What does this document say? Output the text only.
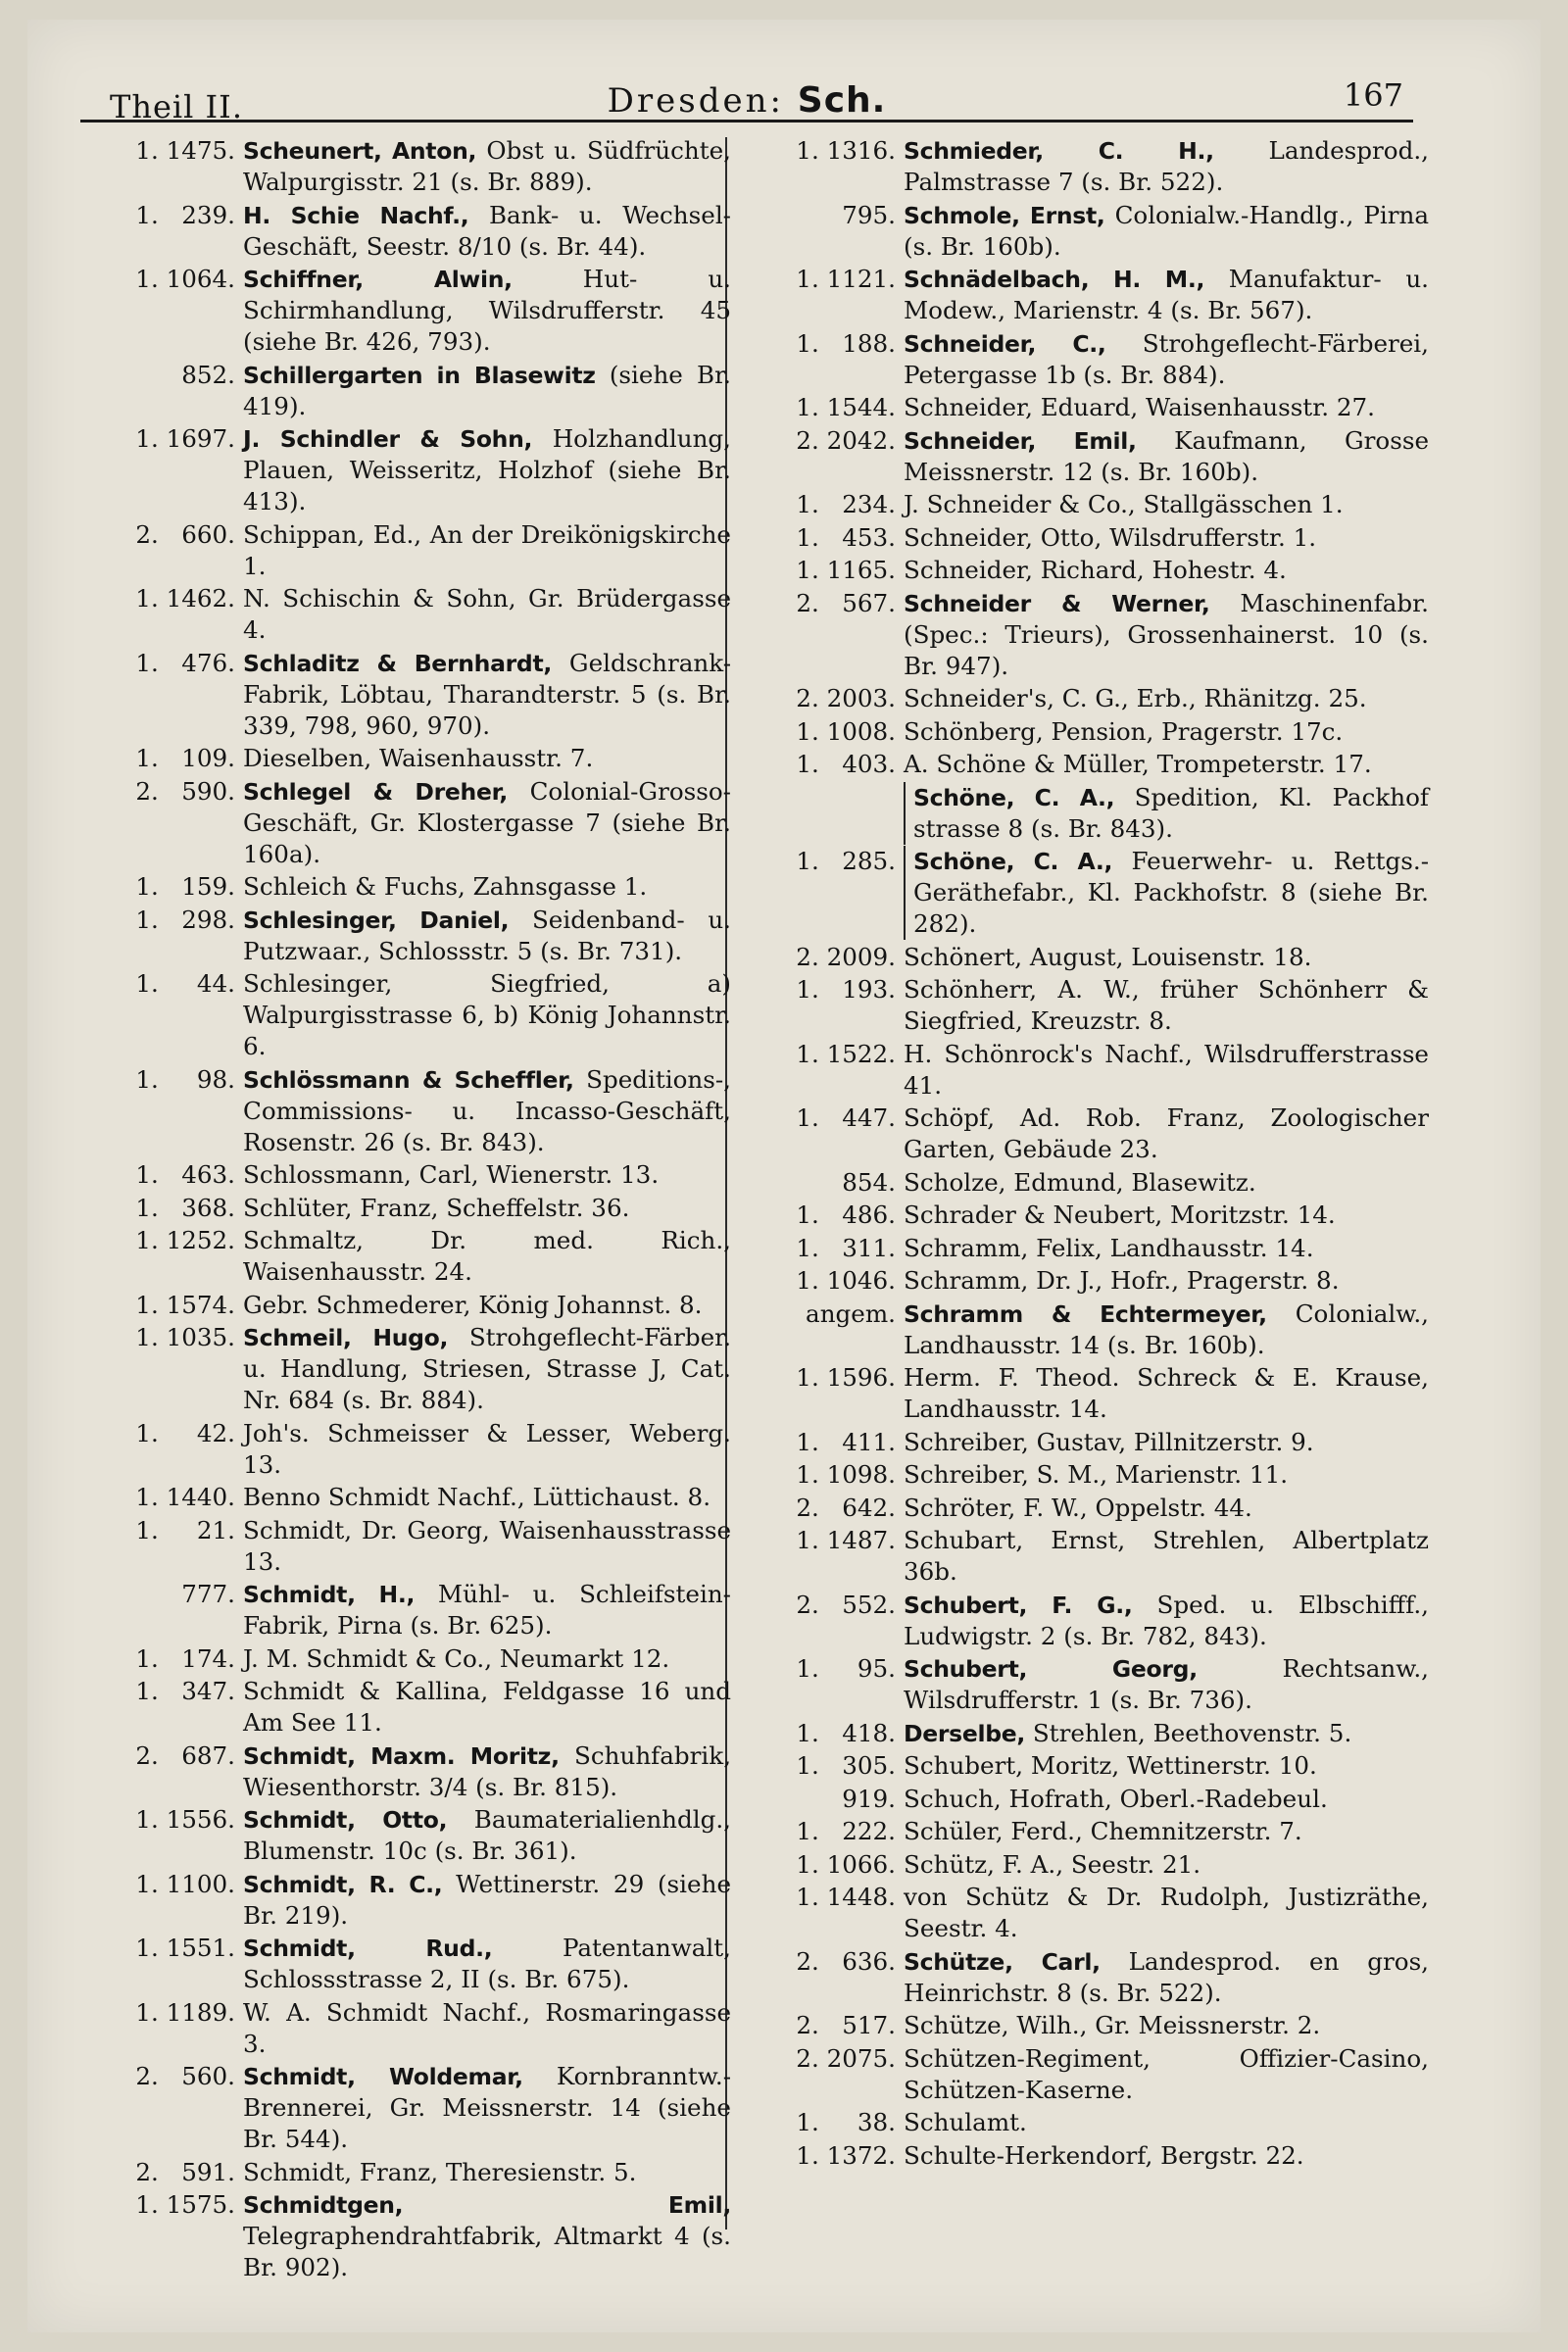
Theil II.	Dresden: Sch.	167
1. 1475. Scheunert, Anton, Obst u. Südfrüchte, Walpurgisstr. 21 (s. Br. 889).
1.   239. H. Schie Nachf., Bank- u. Wechsel-Geschäft, Seestr. 8/10 (s. Br. 44).
1. 1064. Schiffner, Alwin, Hut- u. Schirmhandlung, Wilsdrufferstr. 45 (siehe Br. 426, 793).
852. Schillergarten in Blasewitz (siehe Br. 419).
1. 1697. J. Schindler & Sohn, Holzhandlung, Plauen, Weisseritz, Holzhof (siehe Br. 413).
2.   660. Schippan, Ed., An der Dreikönigskirche 1.
1. 1462. N. Schischin & Sohn, Gr. Brüdergasse 4.
1.   476. Schladitz & Bernhardt, Geldschrank-Fabrik, Löbtau, Tharandterstr. 5 (s. Br. 339, 798, 960, 970).
1.   109. Dieselben, Waisenhausstr. 7.
2.   590. Schlegel & Dreher, Colonial-Grosso-Geschäft, Gr. Klostergasse 7 (siehe Br. 160a).
1.   159. Schleich & Fuchs, Zahnsgasse 1.
1.   298. Schlesinger, Daniel, Seidenband- u. Putzwaar., Schlossstr. 5 (s. Br. 731).
1.     44. Schlesinger, Siegfried, a) Walpurgisstrasse 6, b) König Johannstr. 6.
1.     98. Schlössmann & Scheffler, Speditions-, Commissions- u. Incasso-Geschäft, Rosenstr. 26 (s. Br. 843).
1.   463. Schlossmann, Carl, Wienerstr. 13.
1.   368. Schlüter, Franz, Scheffelstr. 36.
1. 1252. Schmaltz, Dr. med. Rich., Waisenhausstr. 24.
1. 1574. Gebr. Schmederer, König Johannst. 8.
1. 1035. Schmeil, Hugo, Strohgeflecht-Färber. u. Handlung, Striesen, Strasse J, Cat. Nr. 684 (s. Br. 884).
1.     42. Joh's. Schmeisser & Lesser, Weberg. 13.
1. 1440. Benno Schmidt Nachf., Lüttichaust. 8.
1.     21. Schmidt, Dr. Georg, Waisenhausstrasse 13.
777. Schmidt, H., Mühl- u. Schleifstein-Fabrik, Pirna (s. Br. 625).
1.   174. J. M. Schmidt & Co., Neumarkt 12.
1.   347. Schmidt & Kallina, Feldgasse 16 und Am See 11.
2.   687. Schmidt, Maxm. Moritz, Schuhfabrik, Wiesenthorstr. 3/4 (s. Br. 815).
1. 1556. Schmidt, Otto, Baumaterialienhdlg., Blumenstr. 10c (s. Br. 361).
1. 1100. Schmidt, R. C., Wettinerstr. 29 (siehe Br. 219).
1. 1551. Schmidt, Rud., Patentanwalt, Schlossstrasse 2, II (s. Br. 675).
1. 1189. W. A. Schmidt Nachf., Rosmaringasse 3.
2.   560. Schmidt, Woldemar, Kornbranntw.-Brennerei, Gr. Meissnerstr. 14 (siehe Br. 544).
2.   591. Schmidt, Franz, Theresienstr. 5.
1. 1575. Schmidtgen, Emil, Telegraphendrahtfabrik, Altmarkt 4 (s. Br. 902).
1. 1316. Schmieder, C. H., Landesprod., Palmstrasse 7 (s. Br. 522).
795. Schmole, Ernst, Colonialw.-Handlg., Pirna (s. Br. 160b).
1. 1121. Schnädelbach, H. M., Manufaktur- u. Modew., Marienstr. 4 (s. Br. 567).
1.   188. Schneider, C., Strohgeflecht-Färberei, Petergasse 1b (s. Br. 884).
1. 1544. Schneider, Eduard, Waisenhausstr. 27.
2. 2042. Schneider, Emil, Kaufmann, Grosse Meissnerstr. 12 (s. Br. 160b).
1.   234. J. Schneider & Co., Stallgässchen 1.
1.   453. Schneider, Otto, Wilsdrufferstr. 1.
1. 1165. Schneider, Richard, Hohestr. 4.
2.   567. Schneider & Werner, Maschinenfabr. (Spec.: Trieurs), Grossenhainerst. 10 (s. Br. 947).
2. 2003. Schneider's, C. G., Erb., Rhänitzg. 25.
1. 1008. Schönberg, Pension, Pragerstr. 17c.
1.   403. A. Schöne & Müller, Trompeterstr. 17.
Schöne, C. A., Spedition, Kl. Packhof strasse 8 (s. Br. 843).
1.   285. Schöne, C. A., Feuerwehr- u. Rettgs.-Geräthefabr., Kl. Packhofstr. 8 (siehe Br. 282).
2. 2009. Schönert, August, Louisenstr. 18.
1.   193. Schönherr, A. W., früher Schönherr & Siegfried, Kreuzstr. 8.
1. 1522. H. Schönrock's Nachf., Wilsdrufferstrasse 41.
1.   447. Schöpf, Ad. Rob. Franz, Zoologischer Garten, Gebäude 23.
854. Scholze, Edmund, Blasewitz.
1.   486. Schrader & Neubert, Moritzstr. 14.
1.   311. Schramm, Felix, Landhausstr. 14.
1. 1046. Schramm, Dr. J., Hofr., Pragerstr. 8.
angem. Schramm & Echtermeyer, Colonialw., Landhausstr. 14 (s. Br. 160b).
1. 1596. Herm. F. Theod. Schreck & E. Krause, Landhausstr. 14.
1.   411. Schreiber, Gustav, Pillnitzerstr. 9.
1. 1098. Schreiber, S. M., Marienstr. 11.
2.   642. Schröter, F. W., Oppelstr. 44.
1. 1487. Schubart, Ernst, Strehlen, Albertplatz 36b.
2.   552. Schubert, F. G., Sped. u. Elbschifff., Ludwigstr. 2 (s. Br. 782, 843).
1.     95. Schubert, Georg, Rechtsanw., Wilsdrufferstr. 1 (s. Br. 736).
1.   418. Derselbe, Strehlen, Beethovenstr. 5.
1.   305. Schubert, Moritz, Wettinerstr. 10.
919. Schuch, Hofrath, Oberl.-Radebeul.
1.   222. Schüler, Ferd., Chemnitzerstr. 7.
1. 1066. Schütz, F. A., Seestr. 21.
1. 1448. von Schütz & Dr. Rudolph, Justizräthe, Seestr. 4.
2.   636. Schütze, Carl, Landesprod. en gros, Heinrichstr. 8 (s. Br. 522).
2.   517. Schütze, Wilh., Gr. Meissnerstr. 2.
2. 2075. Schützen-Regiment, Offizier-Casino, Schützen-Kaserne.
1.     38. Schulamt.
1. 1372. Schulte-Herkendorf, Bergstr. 22.
